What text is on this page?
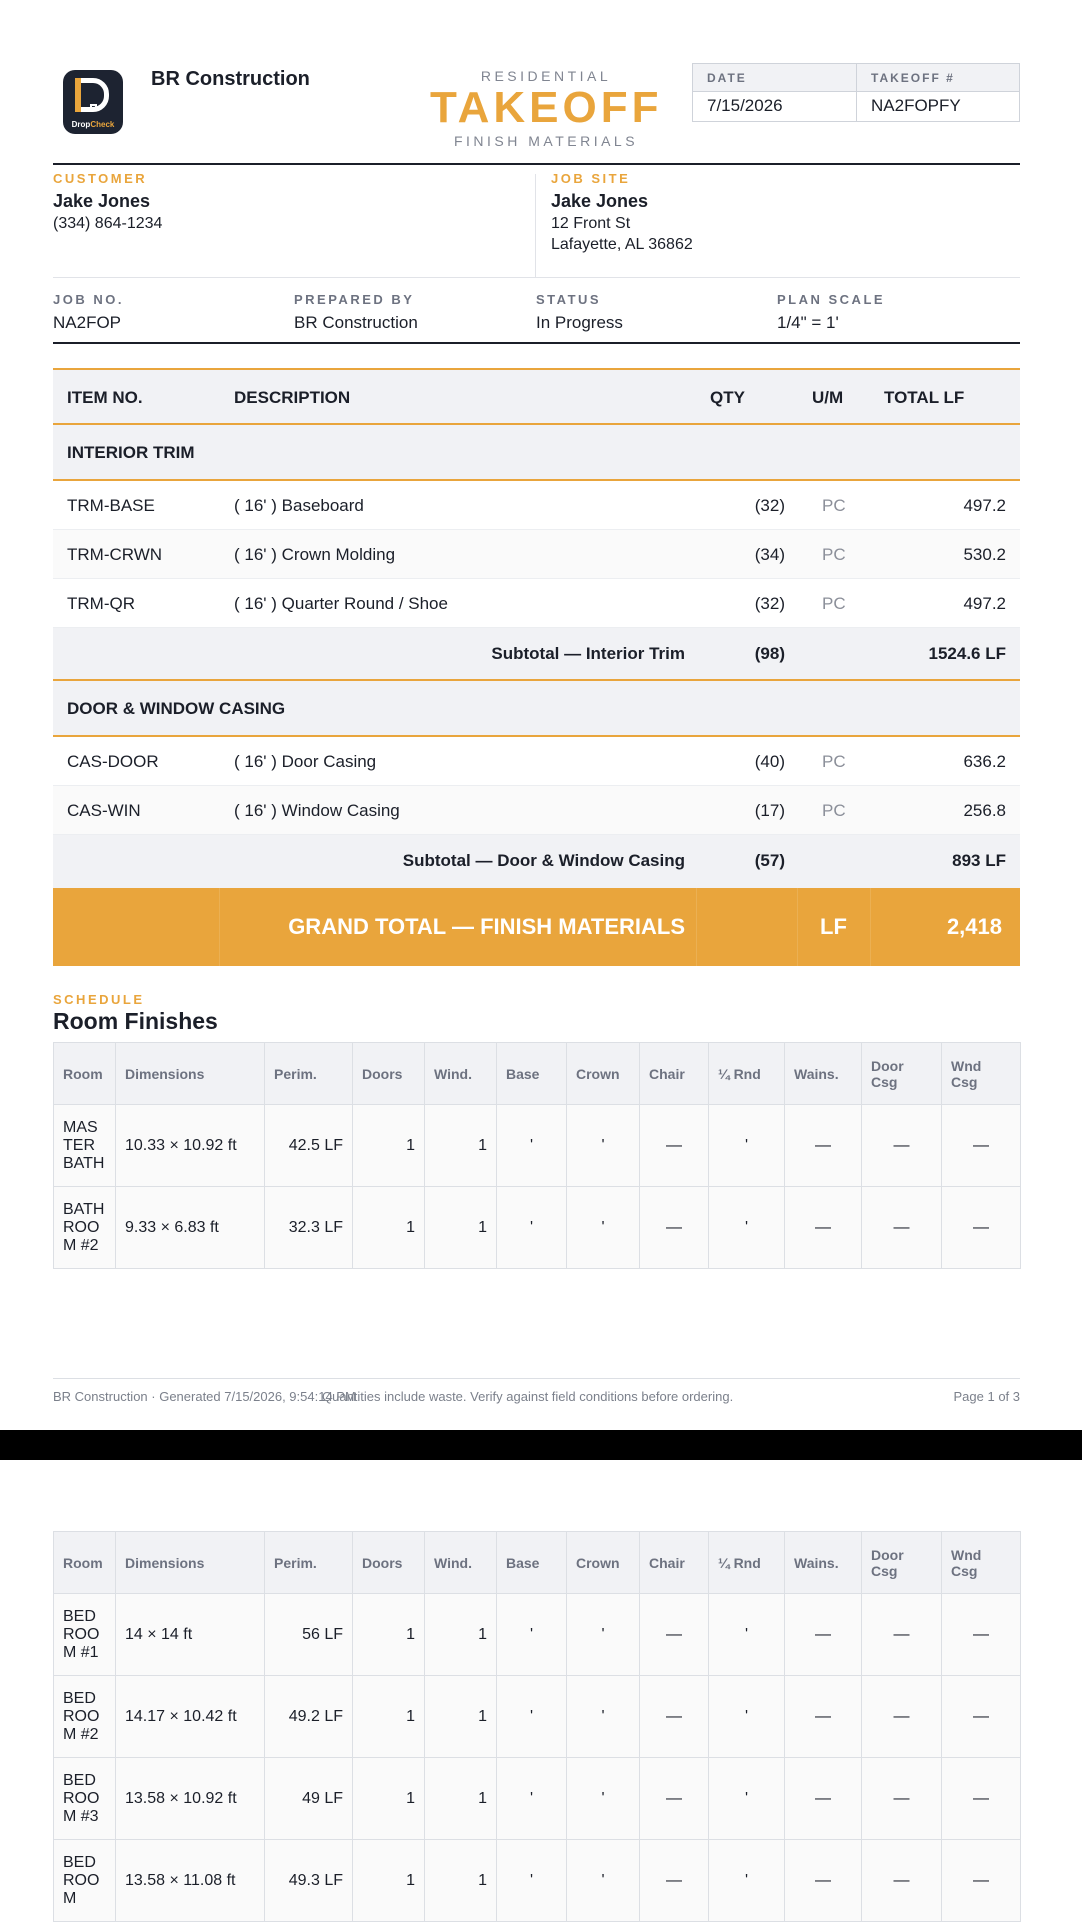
DropCheck
BR Construction	RESIDENTIAL
TAKEOFF
FINISH MATERIALS
DATE	TAKEOFF #
7/15/2026	NA2FOPFY
CUSTOMER
Jake Jones
(334) 864-1234
JOB SITE
Jake Jones
12 Front St
Lafayette, AL 36862
JOB NO.
NA2FOP
PREPARED BY
BR Construction
STATUS
In Progress
PLAN SCALE
1/4" = 1'
ITEM NO.	DESCRIPTION	QTY	U/M TOTAL LF
INTERIOR TRIM
TRM-BASE	( 16' ) Baseboard	(32) PC	497.2
TRM-CRWN	( 16' ) Crown Molding	(34) PC	530.2
TRM-QR	( 16' ) Quarter Round / Shoe	(32) PC	497.2
Subtotal — Interior Trim	(98)	1524.6 LF
DOOR & WINDOW CASING
CAS-DOOR	( 16' ) Door Casing	(40) PC	636.2
CAS-WIN	( 16' ) Window Casing	(17) PC	256.8
Subtotal — Door & Window Casing	(57)	893 LF
GRAND TOTAL — FINISH MATERIALS	LF	2,418
SCHEDULE
Room Finishes
Room	Dimensions	Perim.	Doors	Wind.	Base	Crown	Chair	¼ Rnd	Wains.	Door Csg	Wnd Csg
MASTER BATH	10.33 × 10.92 ft	42.5 LF	1	1	'	'	—	'	—	—	—
BATHROOM #2	9.33 × 6.83 ft	32.3 LF	1	1	'	'	—	'	—	—	—
BR Construction · Generated 7/15/2026, 9:54:14 PM
Quantities include waste. Verify against field conditions before ordering.	Page 1 of 3
Room	Dimensions	Perim.	Doors	Wind.	Base	Crown	Chair	¼ Rnd	Wains.	Door Csg	Wnd Csg
BEDROOM #1	14 × 14 ft	56 LF	1	1	'	'	—	'	—	—	—
BEDROOM #2	14.17 × 10.42 ft	49.2 LF	1	1	'	'	—	'	—	—	—
BEDROOM #3	13.58 × 10.92 ft	49 LF	1	1	'	'	—	'	—	—	—
BEDROOM	13.58 × 11.08 ft	49.3 LF	1	1	'	'	—	'	—	—	—
